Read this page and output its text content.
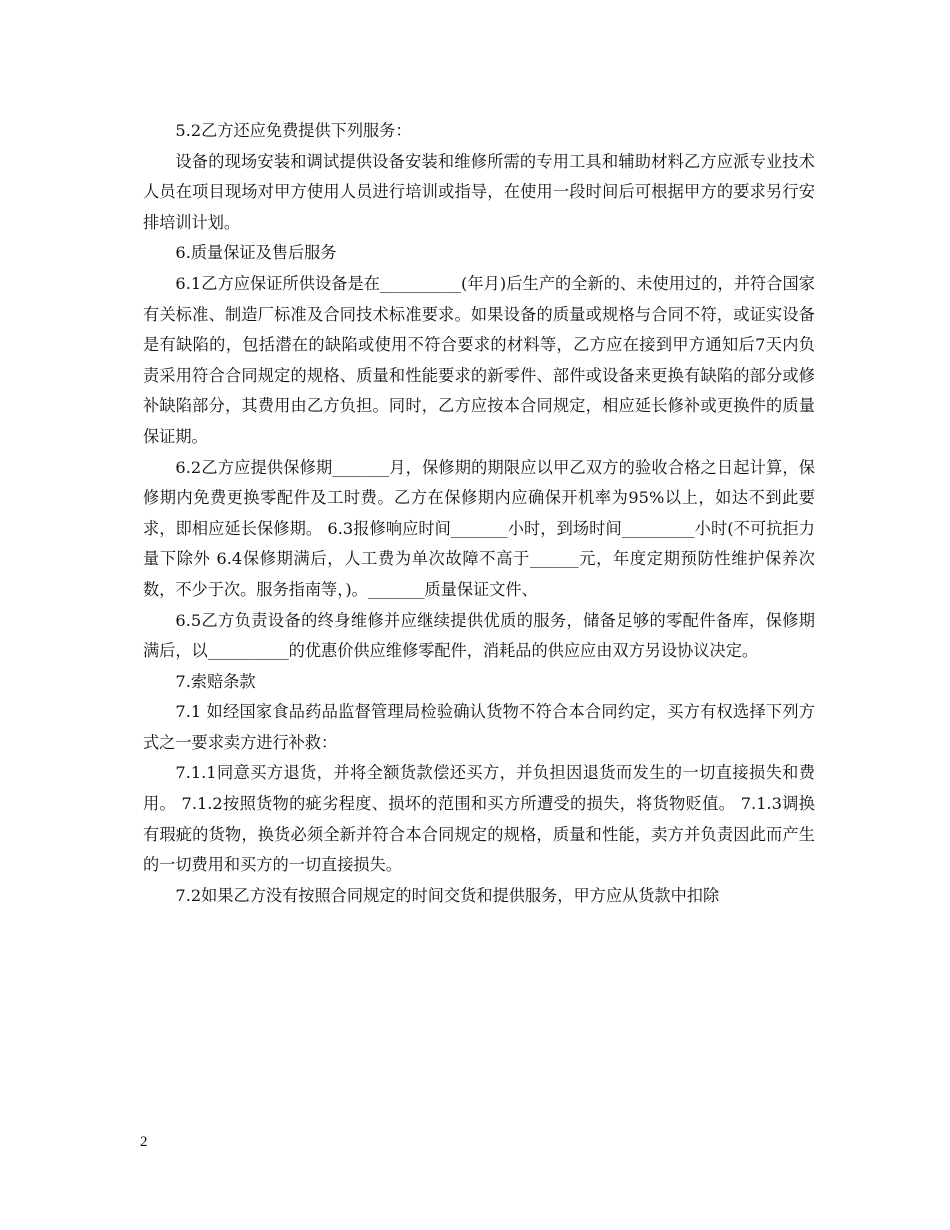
5.2乙方还应免费提供下列服务：

设备的现场安装和调试提供设备安装和维修所需的专用工具和辅助材料乙方应派专业技术人员在项目现场对甲方使用人员进行培训或指导，在使用一段时间后可根据甲方的要求另行安排培训计划。

6.质量保证及售后服务

6.1乙方应保证所供设备是在__________(年月)后生产的全新的、未使用过的，并符合国家有关标准、制造厂标准及合同技术标准要求。如果设备的质量或规格与合同不符，或证实设备是有缺陷的，包括潜在的缺陷或使用不符合要求的材料等，乙方应在接到甲方通知后7天内负责采用符合合同规定的规格、质量和性能要求的新零件、部件或设备来更换有缺陷的部分或修补缺陷部分，其费用由乙方负担。同时，乙方应按本合同规定，相应延长修补或更换件的质量保证期。

6.2乙方应提供保修期_______月，保修期的期限应以甲乙双方的验收合格之日起计算，保修期内免费更换零配件及工时费。乙方在保修期内应确保开机率为95%以上，如达不到此要求，即相应延长保修期。 6.3报修响应时间_______小时，到场时间_________小时(不可抗拒力量下除外 6.4保修期满后，人工费为单次故障不高于______元，年度定期预防性维护保养次数，不少于次。服务指南等，)。_______质量保证文件、

6.5乙方负责设备的终身维修并应继续提供优质的服务，储备足够的零配件备库，保修期满后，以__________的优惠价供应维修零配件，消耗品的供应应由双方另设协议决定。

7.索赔条款

7.1 如经国家食品药品监督管理局检验确认货物不符合本合同约定，买方有权选择下列方式之一要求卖方进行补救：

7.1.1同意买方退货，并将全额货款偿还买方，并负担因退货而发生的一切直接损失和费用。 7.1.2按照货物的疵劣程度、损坏的范围和买方所遭受的损失，将货物贬值。 7.1.3调换有瑕疵的货物，换货必须全新并符合本合同规定的规格，质量和性能，卖方并负责因此而产生的一切费用和买方的一切直接损失。

7.2如果乙方没有按照合同规定的时间交货和提供服务，甲方应从货款中扣除

2
